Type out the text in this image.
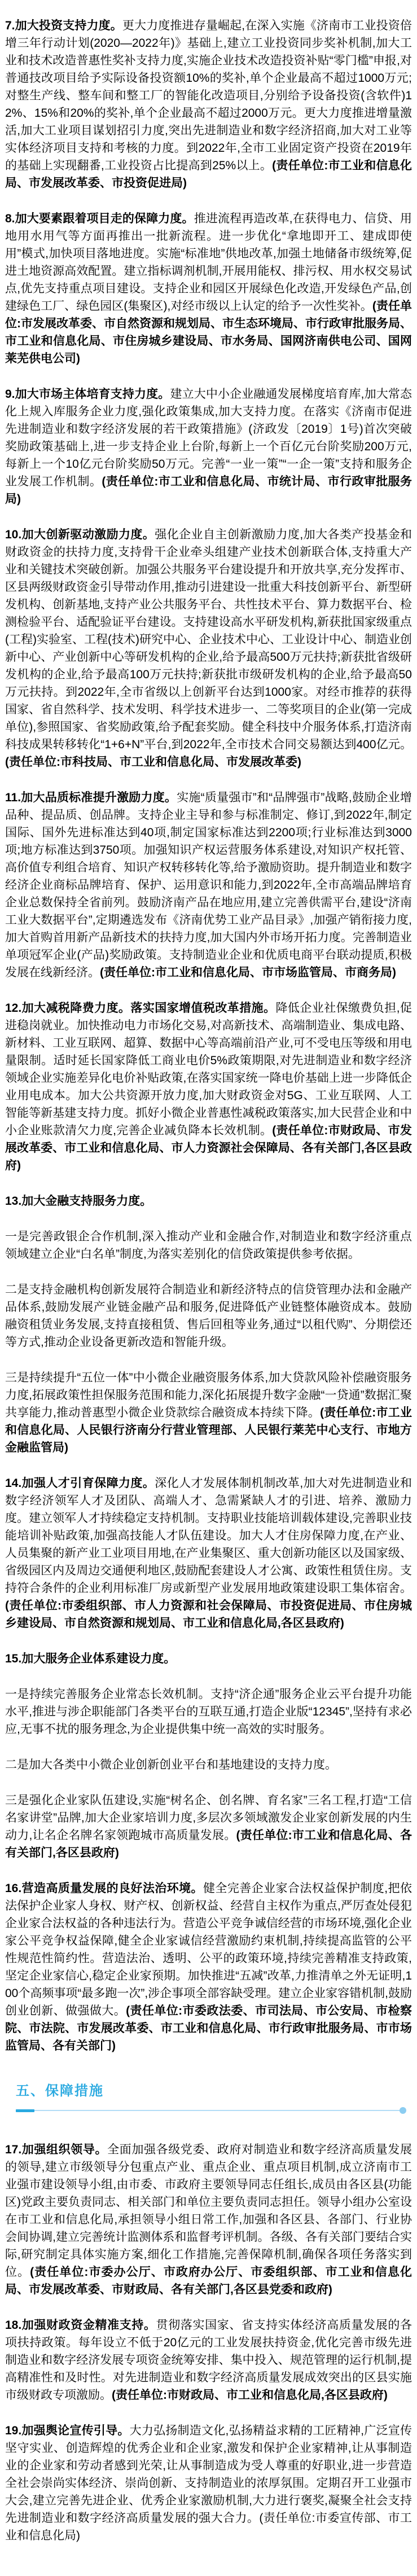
7.加大投资支持力度。更大力度推进存量崛起,在深入实施《济南市工业投资倍增三年行动计划(2020—2022年)》基础上,建立工业投资同步奖补机制,加大工业和技术改造普惠性奖补支持力度,实施企业技术改造投资补贴“零门槛”申报,对普通技改项目给予实际设备投资额10%的奖补,单个企业最高不超过1000万元;对整生产线、整车间和整工厂的智能化改造项目,分别给予设备投资(含软件)12%、15%和20%的奖补,单个企业最高不超过2000万元。更大力度推进增量激活,加大工业项目谋划招引力度,突出先进制造业和数字经济招商,加大对工业等实体经济项目支持和考核的力度。到2022年,全市工业固定资产投资在2019年的基础上实现翻番,工业投资占比提高到25%以上。(责任单位:市工业和信息化局、市发展改革委、市投资促进局)

8.加大要素跟着项目走的保障力度。推进流程再造改革,在获得电力、信贷、用地用水用气等方面再推出一批新流程。进一步优化“拿地即开工、建成即使用”模式,加快项目落地进度。实施“标准地”供地改革,加强土地储备市级统筹,促进土地资源高效配置。建立指标调剂机制,开展用能权、排污权、用水权交易试点,优先支持重点项目建设。支持企业和园区开展绿色化改造,开发绿色产品,创建绿色工厂、绿色园区(集聚区),对经市级以上认定的给予一次性奖补。(责任单位:市发展改革委、市自然资源和规划局、市生态环境局、市行政审批服务局、市工业和信息化局、市住房城乡建设局、市水务局、国网济南供电公司、国网莱芜供电公司)

9.加大市场主体培育支持力度。建立大中小企业融通发展梯度培育库,加大常态化上规入库服务企业力度,强化政策集成,加大支持力度。在落实《济南市促进先进制造业和数字经济发展的若干政策措施》(济政发〔2019〕1号)首次突破奖励政策基础上,进一步支持企业上台阶,每新上一个百亿元台阶奖励200万元,每新上一个10亿元台阶奖励50万元。完善“一业一策”“一企一策”支持和服务企业发展工作机制。(责任单位:市工业和信息化局、市统计局、市行政审批服务局)

10.加大创新驱动激励力度。强化企业自主创新激励力度,加大各类产投基金和财政资金的扶持力度,支持骨干企业牵头组建产业技术创新联合体,支持重大产业和关键技术突破创新。加强公共服务平台建设提升和开放共享,充分发挥市、区县两级财政资金引导带动作用,推动引进建设一批重大科技创新平台、新型研发机构、创新基地,支持产业公共服务平台、共性技术平台、算力数据平台、检测检验平台、适配验证平台建设。支持建设高水平研发机构,新获批国家级重点(工程)实验室、工程(技术)研究中心、企业技术中心、工业设计中心、制造业创新中心、产业创新中心等研发机构的企业,给予最高500万元扶持;新获批省级研发机构的企业,给予最高100万元扶持;新获批市级研发机构的企业,给予最高50万元扶持。到2022年,全市省级以上创新平台达到1000家。对经市推荐的获得国家、省自然科学、技术发明、科学技术进步一、二等奖项目的企业(第一完成单位),参照国家、省奖励政策,给予配套奖励。健全科技中介服务体系,打造济南科技成果转移转化“1+6+N”平台,到2022年,全市技术合同交易额达到400亿元。(责任单位:市科技局、市工业和信息化局、市发展改革委)

11.加大品质标准提升激励力度。实施“质量强市”和“品牌强市”战略,鼓励企业增品种、提品质、创品牌。支持企业主导和参与标准制定、修订,到2022年,制定国际、国外先进标准达到40项,制定国家标准达到2200项;行业标准达到3000项;地方标准达到3750项。加强知识产权运营服务体系建设,对知识产权托管、高价值专利组合培育、知识产权转移转化等,给予激励资助。提升制造业和数字经济企业商标品牌培育、保护、运用意识和能力,到2022年,全市高端品牌培育企业总数保持全省前列。鼓励济南产品在地应用,建立完善供需平台,建设“济南工业大数据平台”,定期遴选发布《济南优势工业产品目录》,加强产销衔接力度,加大首购首用新产品新技术的扶持力度,加大国内外市场开拓力度。完善制造业单项冠军企业(产品)奖励政策。支持制造业企业和优质电商平台联动提质,积极发展在线新经济。(责任单位:市工业和信息化局、市市场监管局、市商务局)

12.加大减税降费力度。落实国家增值税改革措施。降低企业社保缴费负担,促进稳岗就业。加快推动电力市场化交易,对高新技术、高端制造业、集成电路、新材料、工业互联网、超算、数据中心等高端前沿产业,可不受电压等级和用电量限制。适时延长国家降低工商业电价5%政策期限,对先进制造业和数字经济领域企业实施差异化电价补贴政策,在落实国家统一降电价基础上进一步降低企业用电成本。加大公共资源开放力度,加大财政资金对5G、工业互联网、人工智能等新基建支持力度。抓好小微企业普惠性减税政策落实,加大民营企业和中小企业账款清欠力度,完善企业减负降本长效机制。(责任单位:市财政局、市发展改革委、市工业和信息化局、市人力资源社会保障局、各有关部门,各区县政府)

13.加大金融支持服务力度。

一是完善政银企合作机制,深入推动产业和金融合作,对制造业和数字经济重点领域建立企业“白名单”制度,为落实差别化的信贷政策提供参考依据。

二是支持金融机构创新发展符合制造业和新经济特点的信贷管理办法和金融产品体系,鼓励发展产业链金融产品和服务,促进降低产业链整体融资成本。鼓励融资租赁业务发展,支持直接租赁、售后回租等业务,通过“以租代购”、分期偿还等方式,推动企业设备更新改造和智能升级。

三是持续提升“五位一体”中小微企业融资服务体系,加大贷款风险补偿融资服务力度,拓展政策性担保服务范围和能力,深化拓展提升数字金融“一贷通”数据汇聚共享能力,推动普惠型小微企业贷款综合融资成本持续下降。(责任单位:市工业和信息化局、人民银行济南分行营业管理部、人民银行莱芜中心支行、市地方金融监管局)

14.加强人才引育保障力度。深化人才发展体制机制改革,加大对先进制造业和数字经济领军人才及团队、高端人才、急需紧缺人才的引进、培养、激励力度。建立领军人才持续稳定支持机制。支持职业技能培训载体建设,完善职业技能培训补贴政策,加强高技能人才队伍建设。加大人才住房保障力度,在产业、人员集聚的新产业工业项目用地,在产业集聚区、重大创新功能区以及国家级、省级园区内及周边交通便利地区,鼓励配套建设人才公寓、政策性租赁住房。支持符合条件的企业利用标准厂房或新型产业发展用地政策建设职工集体宿舍。(责任单位:市委组织部、市人力资源和社会保障局、市投资促进局、市住房城乡建设局、市自然资源和规划局、市工业和信息化局,各区县政府)

15.加大服务企业体系建设力度。

一是持续完善服务企业常态长效机制。支持“济企通”服务企业云平台提升功能水平,推进与涉企职能部门各类平台的互联互通,打造企业版“12345”,坚持有求必应,无事不扰的服务理念,为企业提供集中统一高效的实时服务。

二是加大各类中小微企业创新创业平台和基地建设的支持力度。

三是强化企业家队伍建设,实施“树名企、创名牌、育名家”三名工程,打造“工信名家讲堂”品牌,加大企业家培训力度,多层次多领域激发企业家创新发展的内生动力,让名企名牌名家领跑城市高质量发展。(责任单位:市工业和信息化局、各有关部门,各区县政府)

16.营造高质量发展的良好法治环境。健全完善企业家合法权益保护制度,把依法保护企业家人身权、财产权、创新权益、经营自主权作为重点,严厉查处侵犯企业家合法权益的各种违法行为。营造公平竞争诚信经营的市场环境,强化企业家公平竞争权益保障,健全企业家诚信经营激励约束机制,持续提高监管的公平性规范性简约性。营造法治、透明、公平的政策环境,持续完善精准支持政策,坚定企业家信心,稳定企业家预期。加快推进“五减”改革,力推清单之外无证明,100个高频事项“最多跑一次”,涉企事项全部容缺受理。建立企业家容错机制,鼓励创业创新、做强做大。(责任单位:市委政法委、市司法局、市公安局、市检察院、市法院、市发展改革委、市工业和信息化局、市行政审批服务局、市市场监管局、各有关部门)

五、保障措施

17.加强组织领导。全面加强各级党委、政府对制造业和数字经济高质量发展的领导,建立市级领导分包重点产业、重点企业、重点项目机制,成立济南市工业强市建设领导小组,由市委、市政府主要领导同志任组长,成员由各区县(功能区)党政主要负责同志、相关部门和单位主要负责同志担任。领导小组办公室设在市工业和信息化局,承担领导小组日常工作,加强和各区县、各部门、行业协会间协调,建立完善统计监测体系和监督考评机制。各级、各有关部门要结合实际,研究制定具体实施方案,细化工作措施,完善保障机制,确保各项任务落实到位。(责任单位:市委办公厅、市政府办公厅、市委组织部、市工业和信息化局、市发展改革委、市财政局、各有关部门,各区县党委和政府)

18.加强财政资金精准支持。贯彻落实国家、省支持实体经济高质量发展的各项扶持政策。每年设立不低于20亿元的工业发展扶持资金,优化完善市级先进制造业和数字经济发展专项资金统筹安排、集中投入、规范管理的运行机制,提高精准性和及时性。对先进制造业和数字经济高质量发展成效突出的区县实施市级财政专项激励。(责任单位:市财政局、市工业和信息化局,各区县政府)

19.加强舆论宣传引导。大力弘扬制造文化,弘扬精益求精的工匠精神,广泛宣传坚守实业、创造辉煌的优秀企业和企业家,激发和保护企业家精神,让从事制造业的企业家和劳动者感到光荣,让从事制造成为受人尊重的好职业,进一步营造全社会崇尚实体经济、崇尚创新、支持制造业的浓厚氛围。定期召开工业强市大会,建立完善先进企业、优秀企业家激励机制,大力进行褒奖,凝聚全社会支持先进制造业和数字经济高质量发展的强大合力。(责任单位:市委宣传部、市工业和信息化局)
